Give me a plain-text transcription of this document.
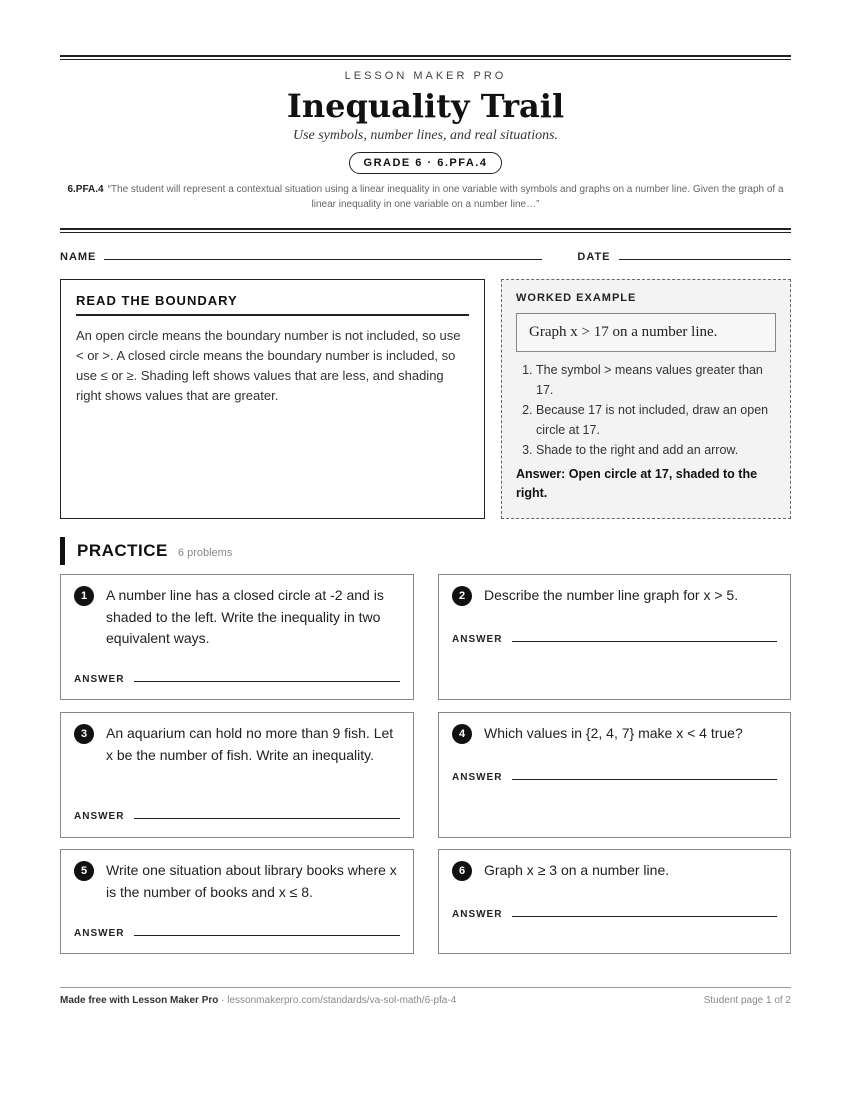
LESSON MAKER PRO
Inequality Trail
Use symbols, number lines, and real situations.
GRADE 6 · 6.PFA.4
6.PFA.4 “The student will represent a contextual situation using a linear inequality in one variable with symbols and graphs on a number line. Given the graph of a linear inequality in one variable on a number line…”
NAME	DATE
READ THE BOUNDARY

An open circle means the boundary number is not included, so use < or >. A closed circle means the boundary number is included, so use ≤ or ≥. Shading left shows values that are less, and shading right shows values that are greater.

WORKED EXAMPLE
Graph x > 17 on a number line.
1. The symbol > means values greater than 17.
2. Because 17 is not included, draw an open circle at 17.
3. Shade to the right and add an arrow.
Answer: Open circle at 17, shaded to the right.
PRACTICE 6 problems
1	A number line has a closed circle at -2 and is shaded to the left. Write the inequality in two equivalent ways.
ANSWER
2	Describe the number line graph for x > 5.
ANSWER
3	An aquarium can hold no more than 9 fish. Let x be the number of fish. Write an inequality.
ANSWER
4	Which values in {2, 4, 7} make x < 4 true?
ANSWER
5	Write one situation about library books where x is the number of books and x ≤ 8.
ANSWER
6	Graph x ≥ 3 on a number line.
ANSWER
Made free with Lesson Maker Pro · lessonmakerpro.com/standards/va-sol-math/6-pfa-4	Student page 1 of 2
